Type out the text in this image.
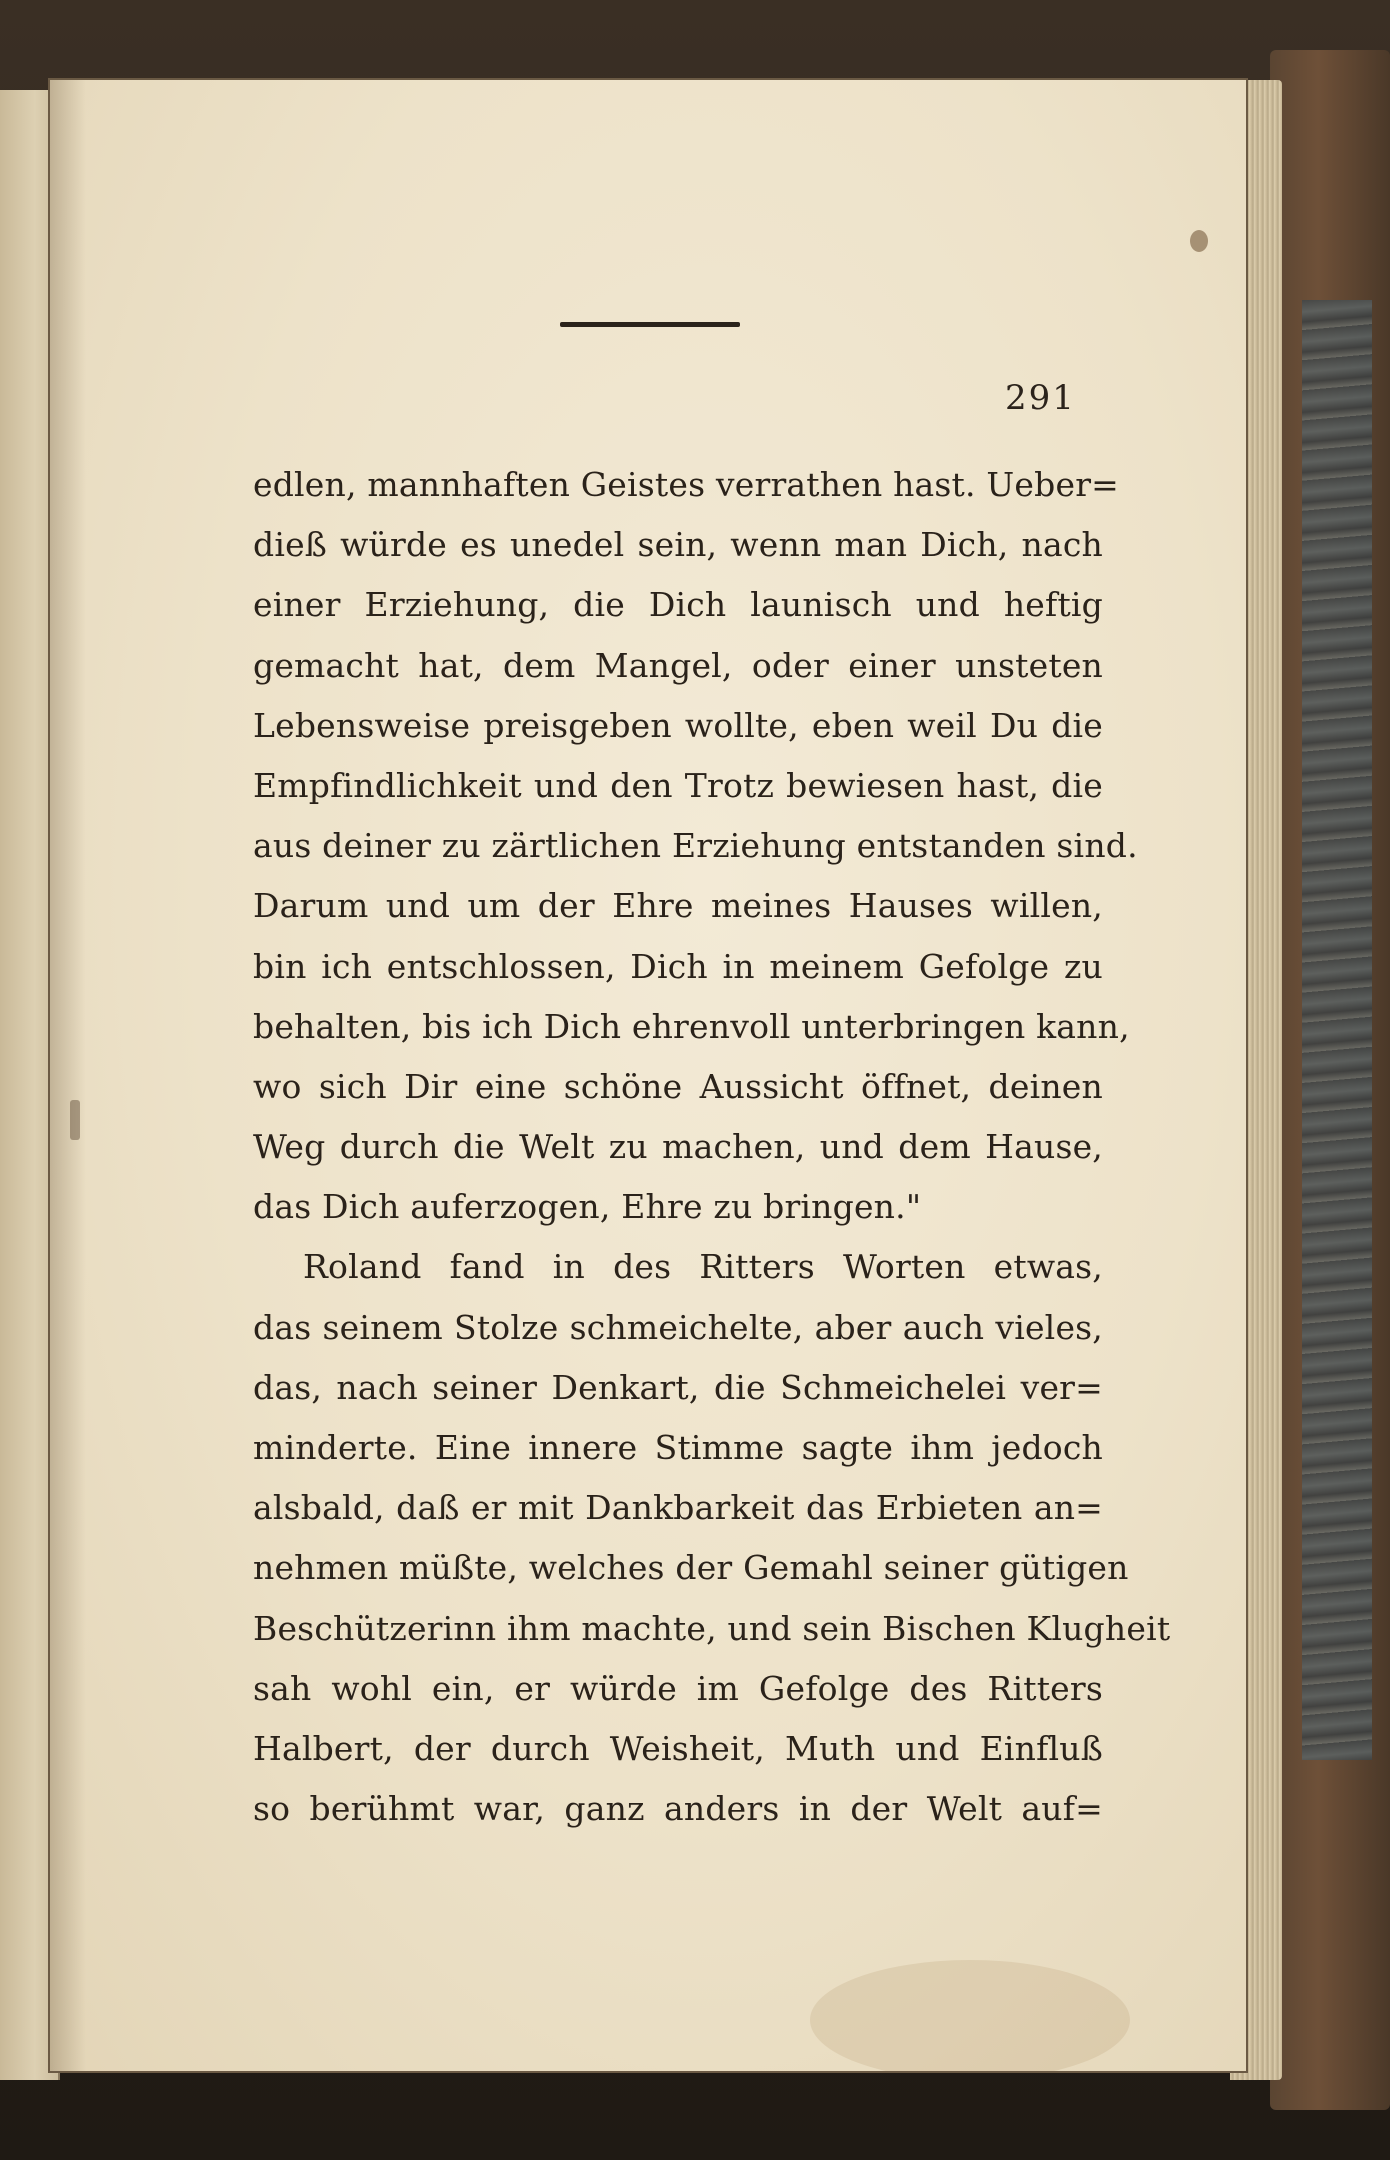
291
edlen, mannhaften Geistes verrathen hast. Ueber=
dieß würde es unedel sein, wenn man Dich, nach
einer Erziehung, die Dich launisch und heftig
gemacht hat, dem Mangel, oder einer unsteten
Lebensweise preisgeben wollte, eben weil Du die
Empfindlichkeit und den Trotz bewiesen hast, die
aus deiner zu zärtlichen Erziehung entstanden sind.
Darum und um der Ehre meines Hauses willen,
bin ich entschlossen, Dich in meinem Gefolge zu
behalten, bis ich Dich ehrenvoll unterbringen kann,
wo sich Dir eine schöne Aussicht öffnet, deinen
Weg durch die Welt zu machen, und dem Hause,
das Dich auferzogen, Ehre zu bringen."
Roland fand in des Ritters Worten etwas,
das seinem Stolze schmeichelte, aber auch vieles,
das, nach seiner Denkart, die Schmeichelei ver=
minderte. Eine innere Stimme sagte ihm jedoch
alsbald, daß er mit Dankbarkeit das Erbieten an=
nehmen müßte, welches der Gemahl seiner gütigen
Beschützerinn ihm machte, und sein Bischen Klugheit
sah wohl ein, er würde im Gefolge des Ritters
Halbert, der durch Weisheit, Muth und Einfluß
so berühmt war, ganz anders in der Welt auf=
